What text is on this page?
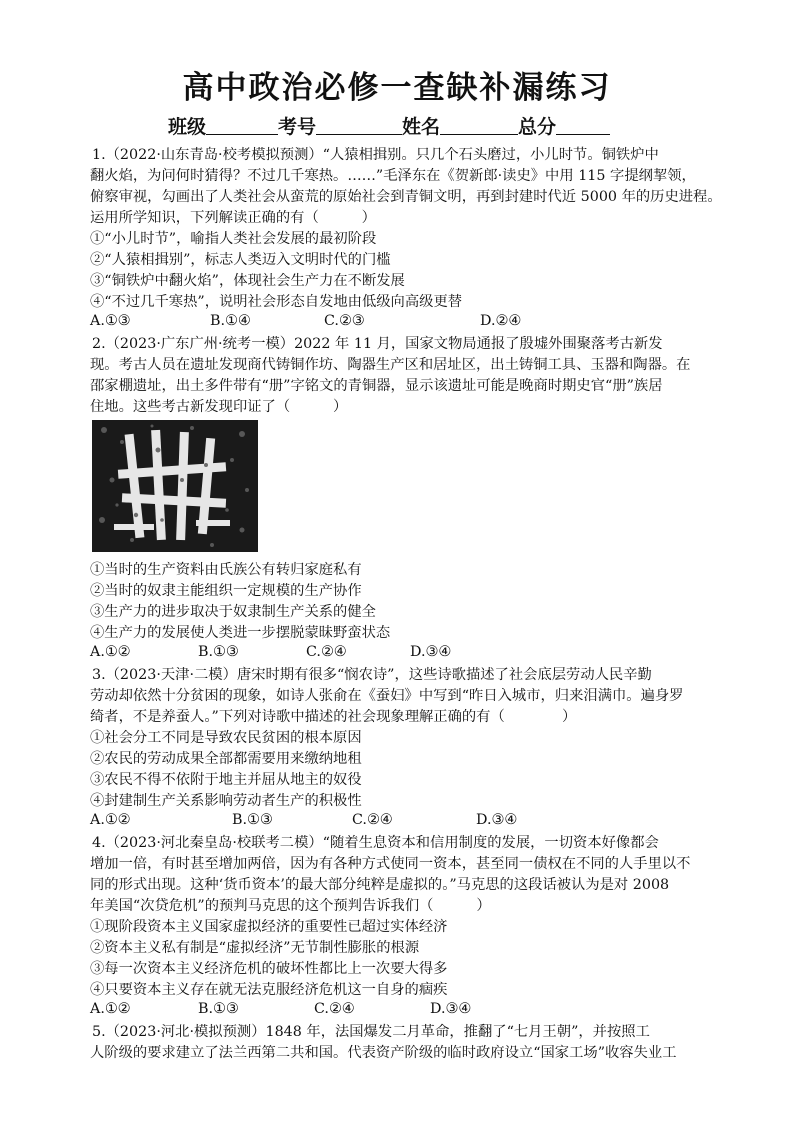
高中政治必修一查缺补漏练习
班级	考号	姓名	总分
1.（2022·山东青岛·校考模拟预测）“人猿相揖别。只几个石头磨过，小儿时节。铜铁炉中
翻火焰，为问何时猜得？不过几千寒热。……”毛泽东在《贺新郎·读史》中用 115 字提纲挈领，
俯察审视，勾画出了人类社会从蛮荒的原始社会到青铜文明，再到封建时代近 5000 年的历史进程。
运用所学知识，下列解读正确的有（　　　）
①“小儿时节”，喻指人类社会发展的最初阶段
②“人猿相揖别”，标志人类迈入文明时代的门槛
③“铜铁炉中翻火焰”，体现社会生产力在不断发展
④“不过几千寒热”，说明社会形态自发地由低级向高级更替
A.①③	B.①④	C.②③	D.②④
2.（2023·广东广州·统考一模）2022 年 11 月，国家文物局通报了殷墟外围聚落考古新发
现。考古人员在遗址发现商代铸铜作坊、陶器生产区和居址区，出土铸铜工具、玉器和陶器。在
邵家棚遗址，出土多件带有“册”字铭文的青铜器，显示该遗址可能是晚商时期史官“册”族居
住地。这些考古新发现印证了（　　　）
①当时的生产资料由氏族公有转归家庭私有
②当时的奴隶主能组织一定规模的生产协作
③生产力的进步取决于奴隶制生产关系的健全
④生产力的发展使人类进一步摆脱蒙昧野蛮状态
A.①②	B.①③	C.②④	D.③④
3.（2023·天津·二模）唐宋时期有很多“悯农诗”，这些诗歌描述了社会底层劳动人民辛勤
劳动却依然十分贫困的现象，如诗人张俞在《蚕妇》中写到“昨日入城市，归来泪满巾。遍身罗
绮者，不是养蚕人。”下列对诗歌中描述的社会现象理解正确的有（　　　　）
①社会分工不同是导致农民贫困的根本原因
②农民的劳动成果全部都需要用来缴纳地租
③农民不得不依附于地主并屈从地主的奴役
④封建制生产关系影响劳动者生产的积极性
A.①②	B.①③	C.②④	D.③④
4.（2023·河北秦皇岛·校联考二模）“随着生息资本和信用制度的发展，一切资本好像都会
增加一倍，有时甚至增加两倍，因为有各种方式使同一资本，甚至同一债权在不同的人手里以不
同的形式出现。这种‘货币资本’的最大部分纯粹是虚拟的。”马克思的这段话被认为是对 2008
年美国“次贷危机”的预判马克思的这个预判告诉我们（　　　）
①现阶段资本主义国家虚拟经济的重要性已超过实体经济
②资本主义私有制是“虚拟经济”无节制性膨胀的根源
③每一次资本主义经济危机的破坏性都比上一次要大得多
④只要资本主义存在就无法克服经济危机这一自身的痼疾
A.①②	B.①③	C.②④	D.③④
5.（2023·河北·模拟预测）1848 年，法国爆发二月革命，推翻了“七月王朝”，并按照工
人阶级的要求建立了法兰西第二共和国。代表资产阶级的临时政府设立“国家工场”收容失业工
